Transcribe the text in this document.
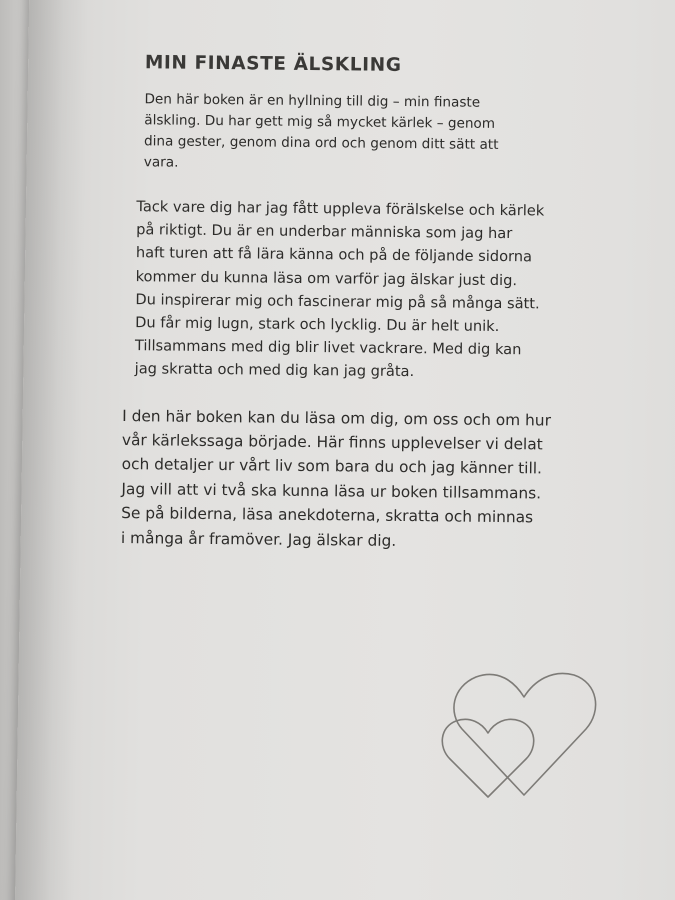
MIN FINASTE ÄLSKLING

Den här boken är en hyllning till dig – min finaste
älskling. Du har gett mig så mycket kärlek – genom
dina gester, genom dina ord och genom ditt sätt att
vara.

Tack vare dig har jag fått uppleva förälskelse och kärlek
på riktigt. Du är en underbar människa som jag har
haft turen att få lära känna och på de följande sidorna
kommer du kunna läsa om varför jag älskar just dig.
Du inspirerar mig och fascinerar mig på så många sätt.
Du får mig lugn, stark och lycklig. Du är helt unik.
Tillsammans med dig blir livet vackrare. Med dig kan
jag skratta och med dig kan jag gråta.

I den här boken kan du läsa om dig, om oss och om hur
vår kärlekssaga började. Här finns upplevelser vi delat
och detaljer ur vårt liv som bara du och jag känner till.
Jag vill att vi två ska kunna läsa ur boken tillsammans.
Se på bilderna, läsa anekdoterna, skratta och minnas
i många år framöver. Jag älskar dig.
